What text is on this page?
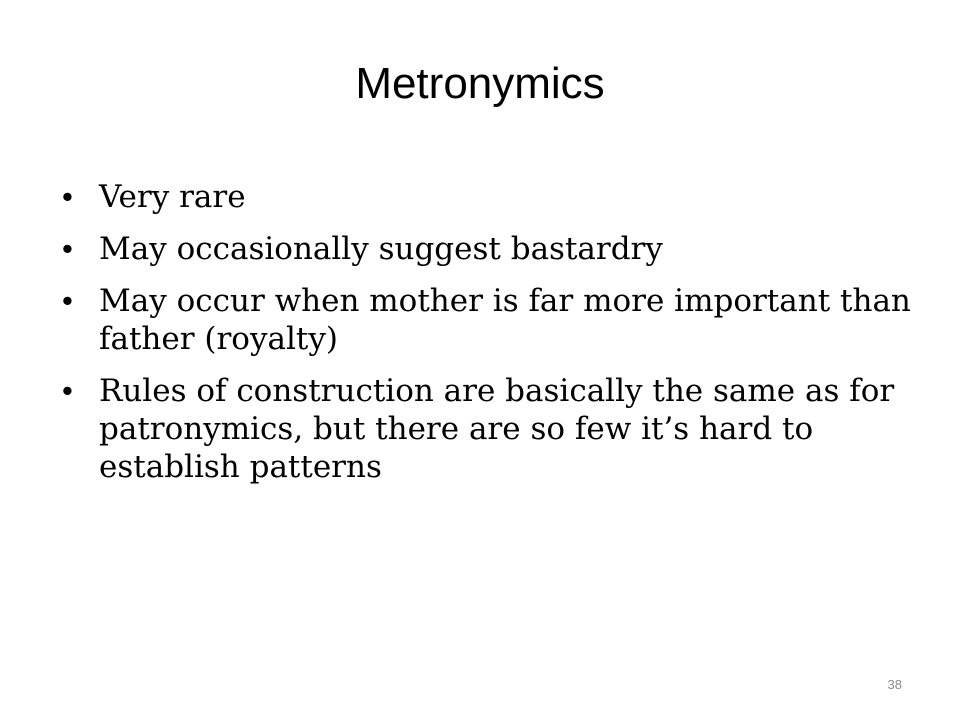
Metronymics
• Very rare
• May occasionally suggest bastardry
• May occur when mother is far more important than father (royalty)
• Rules of construction are basically the same as for patronymics, but there are so few it’s hard to establish patterns
38
